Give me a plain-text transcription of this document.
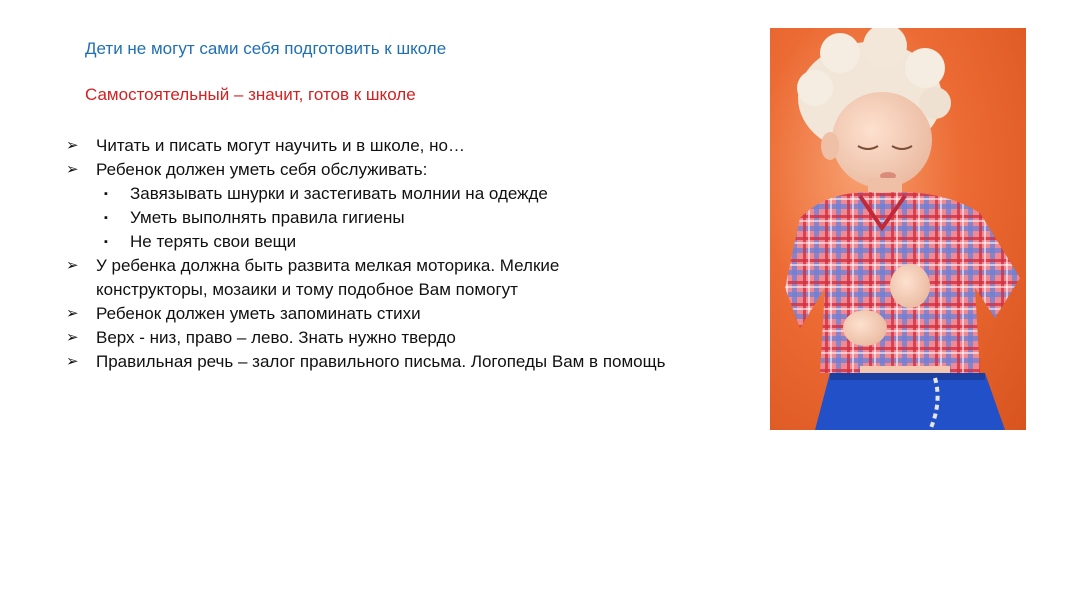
Дети не могут сами себя подготовить к школе
Самостоятельный – значит, готов к школе
➢	Читать и писать могут научить и в школе, но…
➢	Ребенок должен уметь себя обслуживать:
▪	Завязывать шнурки и застегивать молнии на одежде
▪	Уметь выполнять правила гигиены
▪	Не терять свои вещи
➢	У ребенка должна быть развита мелкая моторика. Мелкие конструкторы, мозаики и тому подобное Вам помогут
➢	Ребенок должен уметь запоминать стихи
➢	Верх - низ, право – лево. Знать нужно твердо
➢	Правильная речь – залог правильного письма. Логопеды Вам в помощь
